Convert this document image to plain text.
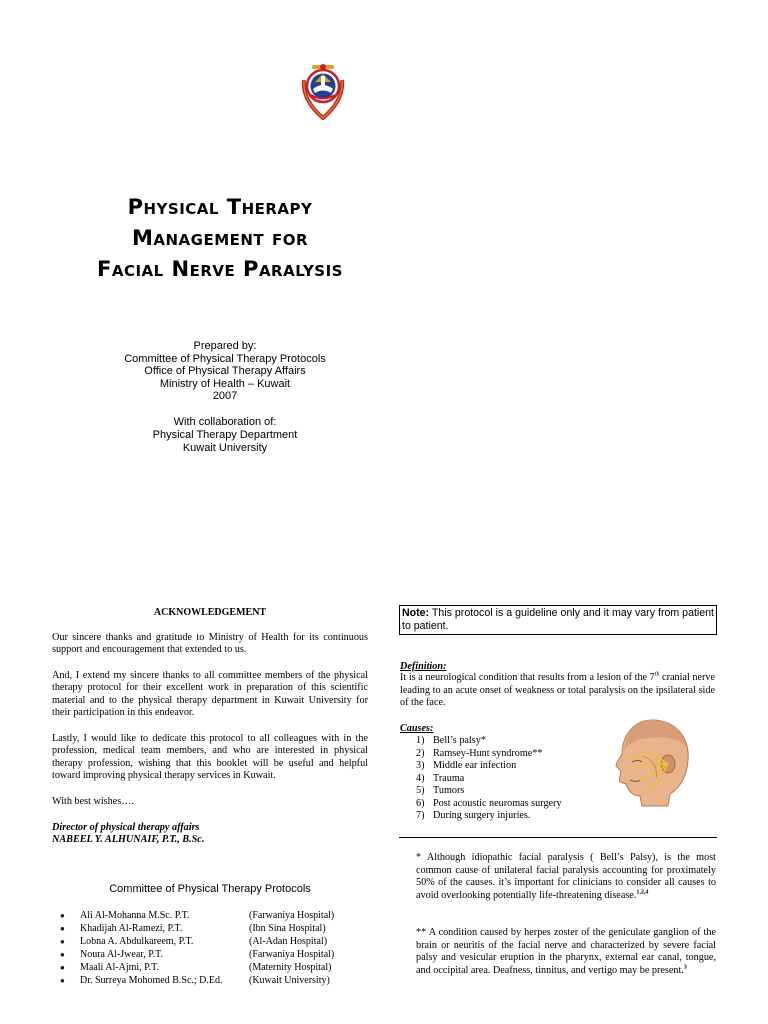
Physical Therapy
Management for
Facial Nerve Paralysis
Prepared by:
Committee of Physical Therapy Protocols
Office of Physical Therapy Affairs
Ministry of Health – Kuwait
2007
With collaboration of:
Physical Therapy Department
Kuwait University
ACKNOWLEDGEMENT

Our sincere thanks and gratitude to Ministry of Health for its continuous support and encouragement that extended to us.

And, I extend my sincere thanks to all committee members of the physical therapy protocol for their excellent work in preparation of this scientific material and to the physical therapy department in Kuwait University for their participation in this endeavor.

Lastly, I would like to dedicate this protocol to all colleagues with in the profession, medical team members, and who are interested in physical therapy profession, wishing that this booklet will be useful and helpful toward improving physical therapy services in Kuwait.

With best wishes….

Director of physical therapy affairs
NABEEL Y. ALHUNAIF, P.T., B.Sc.
Committee of Physical Therapy Protocols
●	Ali Al-Mohanna M.Sc. P.T.	(Farwaniya Hospital)
●	Khadijah Al-Ramezi, P.T.	(Ibn Sina Hospital)
●	Lobna A. Abdulkareem, P.T.	(Al-Adan Hospital)
●	Noura Al-Jwear, P.T.	(Farwaniya Hospital)
●	Maali Al-Ajmi, P.T.	(Maternity Hospital)
●	Dr. Surreya Mohomed B.Sc.; D.Ed.	(Kuwait University)
Note: This protocol is a guideline only and it may vary from patient to patient.
Definition:
It is a neurological condition that results from a lesion of the 7th cranial nerve leading to an acute onset of weakness or total paralysis on the ipsilateral side of the face.
Causes:
1) Bell’s palsy*
2) Ramsey-Hunt syndrome**
3) Middle ear infection
4) Trauma
5) Tumors
6) Post acoustic neuromas surgery
7) During surgery injuries.
* Although idiopathic facial paralysis ( Bell’s Palsy), is the most common cause of unilateral facial paralysis accounting for proximately 50% of the causes. it’s important for clinicians to consider all causes to avoid overlooking potentially life-threatening disease.$^{1,2,4}$
** A condition caused by herpes zoster of the geniculate ganglion of the brain or neuritis of the facial nerve and characterized by severe facial palsy and vesicular eruption in the pharynx, external ear canal, tongue, and occipital area. Deafness, tinnitus, and vertigo may be present.$^3$
